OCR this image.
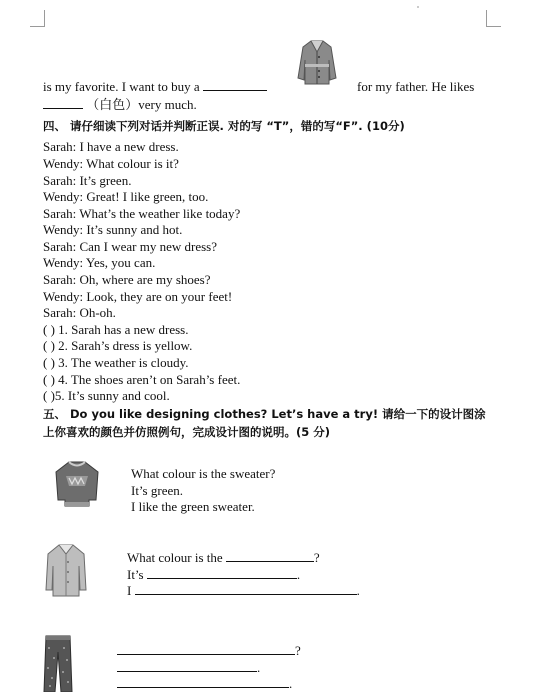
is my favorite. I want to buy a	for my father. He likes
（白色）very much.
四、 请仔细读下列对话并判断正误. 对的写 “T”，错的写“F”. (10分)
Sarah: I have a new dress.
Wendy: What colour is it?
Sarah: It’s green.
Wendy: Great! I like green, too.
Sarah: What’s the weather like today?
Wendy: It’s sunny and hot.
Sarah: Can I wear my new dress?
Wendy: Yes, you can.
Sarah: Oh, where are my shoes?
Wendy: Look, they are on your feet!
Sarah: Oh-oh.
( ) 1. Sarah has a new dress.
( ) 2. Sarah’s dress is yellow.
( ) 3. The weather is cloudy.
( ) 4. The shoes aren’t on Sarah’s feet.
( )5. It’s sunny and cool.
五、 Do you like designing clothes? Let’s have a try! 请给一下的设计图涂
上你喜欢的颜色并仿照例句，完成设计图的说明。(5 分)
What colour is the sweater?
It’s green.
I like the green sweater.
What colour is the	?
It’s	.
I	.
?
.
.
